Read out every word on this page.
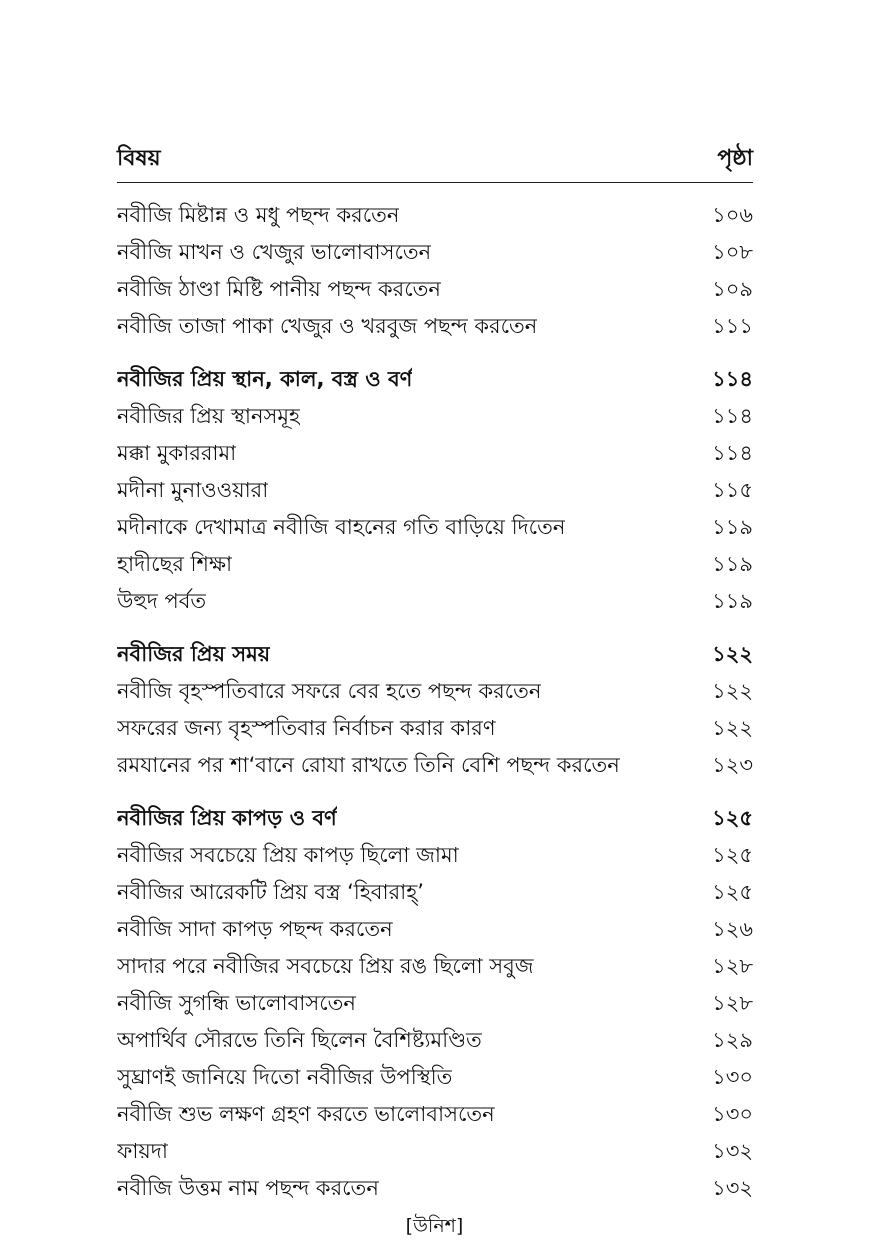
বিষয়	পৃষ্ঠা
নবীজি মিষ্টান্ন ও মধু পছন্দ করতেন	১০৬
নবীজি মাখন ও খেজুর ভালোবাসতেন	১০৮
নবীজি ঠাণ্ডা মিষ্টি পানীয় পছন্দ করতেন	১০৯
নবীজি তাজা পাকা খেজুর ও খরবুজ পছন্দ করতেন	১১১
নবীজির প্রিয় স্থান, কাল, বস্ত্র ও বর্ণ	১১৪
নবীজির প্রিয় স্থানসমূহ	১১৪
মক্কা মুকাররামা	১১৪
মদীনা মুনাওওয়ারা	১১৫
মদীনাকে দেখামাত্র নবীজি বাহনের গতি বাড়িয়ে দিতেন	১১৯
হাদীছের শিক্ষা	১১৯
উহুদ পর্বত	১১৯
নবীজির প্রিয় সময়	১২২
নবীজি বৃহস্পতিবারে সফরে বের হতে পছন্দ করতেন	১২২
সফরের জন্য বৃহস্পতিবার নির্বাচন করার কারণ	১২২
রমযানের পর শা‘বানে রোযা রাখতে তিনি বেশি পছন্দ করতেন	১২৩
নবীজির প্রিয় কাপড় ও বর্ণ	১২৫
নবীজির সবচেয়ে প্রিয় কাপড় ছিলো জামা	১২৫
নবীজির আরেকটি প্রিয় বস্ত্র ‘হিবারাহ্’	১২৫
নবীজি সাদা কাপড় পছন্দ করতেন	১২৬
সাদার পরে নবীজির সবচেয়ে প্রিয় রঙ ছিলো সবুজ	১২৮
নবীজি সুগন্ধি ভালোবাসতেন	১২৮
অপার্থিব সৌরভে তিনি ছিলেন বৈশিষ্ট্যমণ্ডিত	১২৯
সুঘ্রাণই জানিয়ে দিতো নবীজির উপস্থিতি	১৩০
নবীজি শুভ লক্ষণ গ্রহণ করতে ভালোবাসতেন	১৩০
ফায়দা	১৩২
নবীজি উত্তম নাম পছন্দ করতেন	১৩২
[উনিশ]
